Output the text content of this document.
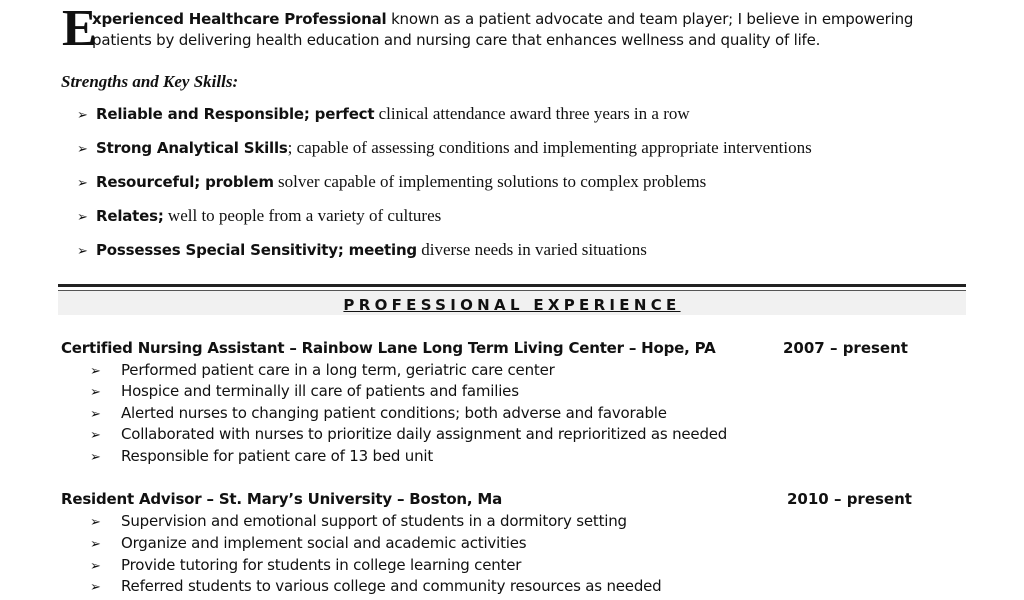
E
xperienced Healthcare Professional known as a patient advocate and team player; I believe in empowering
patients by delivering health education and nursing care that enhances wellness and quality of life.
Strengths and Key Skills:
➢ Reliable and Responsible; perfect clinical attendance award three years in a row
➢ Strong Analytical Skills; capable of assessing conditions and implementing appropriate interventions
➢ Resourceful; problem solver capable of implementing solutions to complex problems
➢ Relates; well to people from a variety of cultures
➢ Possesses Special Sensitivity; meeting diverse needs in varied situations
PROFESSIONAL EXPERIENCE
Certified Nursing Assistant – Rainbow Lane Long Term Living Center – Hope, PA	2007 – present
➢ Performed patient care in a long term, geriatric care center
➢ Hospice and terminally ill care of patients and families
➢ Alerted nurses to changing patient conditions; both adverse and favorable
➢ Collaborated with nurses to prioritize daily assignment and reprioritized as needed
➢ Responsible for patient care of 13 bed unit
Resident Advisor – St. Mary’s University – Boston, Ma	2010 – present
➢ Supervision and emotional support of students in a dormitory setting
➢ Organize and implement social and academic activities
➢ Provide tutoring for students in college learning center
➢ Referred students to various college and community resources as needed
